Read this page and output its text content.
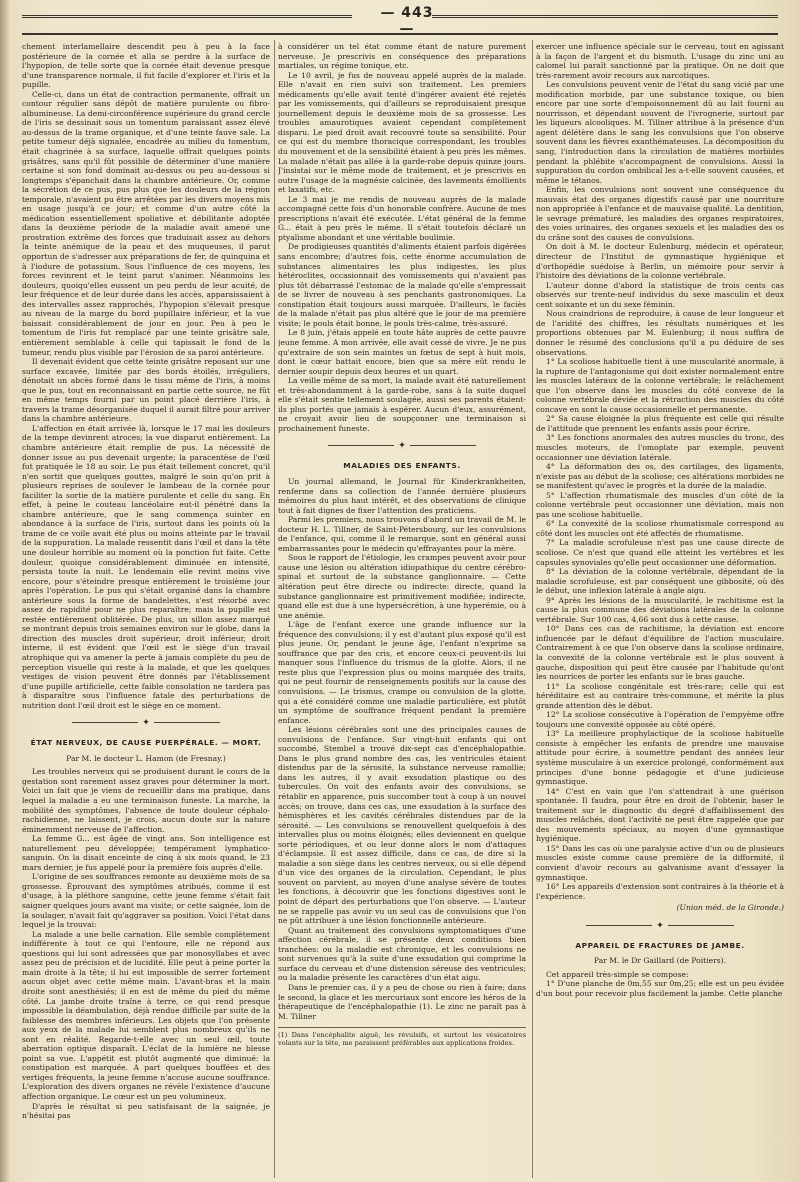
— 443 —

chement interlamellaire descendit peu à peu à la face postérieure de la cornée et alla se perdre à la surface de l'hypopion, de telle sorte que la cornée était devenue presque d'une transparence normale, il fut facile d'explorer et l'iris et la pupille.

Celle-ci, dans un état de contraction permanente, offrait un contour régulier sans dépôt de matière purulente ou fibro-albumineuse. La demi-circonférence supérieure du grand cercle de l'iris se dessinait sous un tomentum paraissant assez élevé au-dessus de la trame organique, et d'une teinte fauve sale. La petite tumeur déjà signalée, encadrée au milieu du tomentum, était chagrinée à sa surface, laquelle offrait quelques points grisâtres, sans qu'il fût possible de déterminer d'une manière certaine si son fond dominait au-dessus ou peu au-dessous si longtemps s'épanchait dans la chambre antérieure. Or, comme la sécrétion de ce pus, pus plus que les douleurs de la région temporale, n'avaient pu être arrêtées par les divers moyens mis en usage jusqu'à ce jour; et comme d'un autre côté la médication essentiellement spoliative et débilitante adoptée dans la deuxième période de la maladie avait amené une prostration extrême des forces que traduisait assez au dehors la teinte anémique de la peau et des muqueuses, il parut opportun de s'adresser aux préparations de fer, de quinquina et à l'iodure de potassium. Sous l'influence de ces moyens, les forces revinrent et le teint parut s'animer. Néanmoins les douleurs, quoiqu'elles eussent un peu perdu de leur acuité, de leur fréquence et de leur durée dans les accès, apparaissaient à des intervalles assez rapprochés, l'hypopion s'élevait presque au niveau de la marge du bord pupillaire inférieur, et la vue baissait considérablement de jour en jour. Peu à peu le tomentum de l'iris fut remplacé par une teinte grisâtre sale, entièrement semblable à celle qui tapissait le fond de la tumeur, rendu plus visible par l'érosion de sa paroi antérieure.

Il devenait évident que cette teinte grisâtre reposant sur une surface excavée, limitée par des bords étoilés, irréguliers, dénotait un abcès formé dans le tissu même de l'iris, à moins que le pus, tout en reconnaissant en partie cette source, ne fût en même temps fourni par un point placé derrière l'iris, à travers la trame désorganisée duquel il aurait filtré pour arriver dans la chambre antérieure.

L'affection en était arrivée là, lorsque le 17 mai les douleurs de la tempe devinrent atroces; la vue disparut entièrement. La chambre antérieure était remplie de pus. La nécessité de donner issue au pus devenait urgente; la paracentèse de l'œil fut pratiquée le 18 au soir. Le pus était tellement concret, qu'il n'en sortit que quelques gouttes, malgré le soin qu'on prit à plusieurs reprises de soulever le lambeau de la cornée pour faciliter la sortie de la matière purulente et celle du sang. En effet, à peine le couteau lancéolaire eut-il pénétré dans la chambre antérieure, que le sang commença suinter en abondance à la surface de l'iris, surtout dans les points où la trame de ce voile avait été plus ou moins atteinte par le travail de la suppuration. La malade ressentit dans l'œil et dans la tête une douleur horrible au moment où la ponction fut faite. Cette douleur, quoique considérablement diminuée en intensité, persista toute la nuit. Le lendemain elle revint moins vive encore, pour s'éteindre presque entièrement le troisième jour après l'opération. Le pus qui s'était organisé dans la chambre antérieure sous la forme de bandelettes, s'est résorbé avec assez de rapidité pour ne plus reparaître; mais la pupille est restée entièrement oblitérée. De plus, un sillon assez marqué se montrant depuis trois semaines environ sur le globe, dans la direction des muscles droit supérieur, droit inférieur, droit interne, il est évident que l'œil est le siège d'un travail atrophique qui va amener la perte à jamais complète du peu de perception visuelle qui reste à la malade, et que les quelques vestiges de vision peuvent être donnés par l'établissement d'une pupille artificielle, cette faible consolation ne tardera pas à disparaître sous l'influence fatale des perturbations de nutrition dont l'œil droit est le siège en ce moment.

✦

ÉTAT NERVEUX, DE CAUSE PUERPÉRALE. — MORT.

Par M. le docteur L. Hamon (de Fresnay.)

Les troubles nerveux qui se produisent durant le cours de la gestation sont rarement assez graves pour déterminer la mort. Voici un fait que je viens de recueillir dans ma pratique, dans lequel la maladie a eu une terminaison funeste. La marche, la mobilité des symptômes, l'absence de toute douleur céphalo-rachidienne, ne laissent, je crois, aucun doute sur la nature éminemment nerveuse de l'affection.

La femme G... est âgée de vingt ans. Son intelligence est naturellement peu développée; tempérament lymphatico-sanguin. On la disait enceinte de cinq à six mois quand, le 23 mars dernier, je fus appelé pour la première fois auprès d'elle.

L'origine de ses souffrances remonte au deuxième mois de sa grossesse. Éprouvant des symptômes atribués, comme il est d'usage, à la pléthore sanguine, cette jeune femme s'était fait saigner quelques jours avant ma visite; or cette saignée, loin de la soulager, n'avait fait qu'aggraver sa position. Voici l'état dans lequel je la trouvai:

La malade a une belle carnation. Elle semble complètement indifférente à tout ce qui l'entoure, elle ne répond aux questions qui lui sont adressées que par monosyllabes et avec assez peu de précision et de lucidité. Elle peut à peine porter la main droite à la tête; il lui est impossible de serrer fortement aucun objet avec cette même main. L'avant-bras et la main droite sont anesthésiés; il en est de même du pied du même côté. La jambe droite traîne à terre, ce qui rend presque impossible la déambulation, déjà rendue difficile par suite de la faiblesse des membres inférieurs. Les objets que l'on présente aux yeux de la malade lui semblent plus nombreux qu'ils ne sont en réalité. Regarde-t-elle avec un seul œil, toute aberration optique disparaît. L'éclat de la lumière ne blesse point sa vue. L'appétit est plutôt augmenté que diminué: la constipation est marquée. A part quelques bouffées et des vertiges fréquents, la jeune femme n'accuse aucune souffrance. L'exploration des divers organes ne révèle l'existence d'aucune affection organique. Le cœur est un peu volumineux.

D'après le résultat si peu satisfaisant de la saignée, je n'hésitai pas

à considérer un tel état comme étant de nature purement nerveuse. Je prescrivis en conséquence des préparations martiales, un régime tonique, etc.

Le 10 avril, je fus de nouveau appelé auprès de la malade. Elle n'avait en rien suivi son traitement. Les premiers médicaments qu'elle avait tenté d'ingérer avaient été rejetés par les vomissements, qui d'ailleurs se reproduisaient presque journellement depuis le deuxième mois de sa grossesse. Les troubles amaurotiques avaient cependant complètement disparu. Le pied droit avait recouvré toute sa sensibilité. Pour ce qui est du membre thoracique correspondant, les troubles du mouvement et de la sensibilité étaient à peu près les mêmes. La malade n'était pas allée à la garde-robe depuis quinze jours. J'insistai sur le même mode de traitement, et je prescrivis en outre l'usage de la magnésie calcinée, des lavements émollients et laxatifs, etc.

Le 3 mai je me rendis de nouveau auprès de la malade accompagné cette fois d'un honorable confrère. Aucune de mes prescriptions n'avait été exécutée. L'état général de la femme G... était à peu près le même. Il s'était toutefois déclaré un ptyalisme abondant et une véritable boulimie.

De prodigieuses quantités d'aliments étaient parfois digérées sans encombre; d'autres fois, cette énorme accumulation de substances alimentaires les plus indigestes, les plus hétéroclites, occasionnait des vomissements qui n'avaient pas plus tôt débarrassé l'estomac de la malade qu'elle s'empressait de se livrer de nouveau à ses penchants gastronomiques. La constipation était toujours aussi marquée. D'ailleurs, le faciès de la malade n'était pas plus altéré que le jour de ma première visite; le pouls était bonne, le pouls très-calme, très-assuré.

Le 8 juin, j'étais appelé en toute hâte auprès de cette pauvre jeune femme. A mon arrivée, elle avait cessé de vivre. Je ne pus qu'extraire de son sein maintes un fœtus de sept à huit mois, dont le cœur battait encore, bien que sa mère eût rendu le dernier soupir depuis deux heures et un quart.

La veille même de sa mort, la malade avait été naturellement et très-abondamment à la garde-robe, sans à la suite duquel elle s'était sentie tellement soulagée, aussi ses parents étaient-ils plus portés que jamais à espérer. Aucun d'eux, assurément, ne croyait avoir lieu de soupçonner une terminaison si prochainement funeste.

✦

MALADIES DES ENFANTS.

Un journal allemand, le Journal für Kinderkrankheiten, renferme dans sa collection de l'année dernière plusieurs mémoires du plus haut intérêt, et des observations de clinique tout à fait dignes de fixer l'attention des praticiens.

Parmi les premiers, nous trouvons d'abord un travail de M. le docteur H. L. Tillner, de Saint-Pétersbourg, sur les convulsions de l'enfance, qui, comme il le remarque, sont en général aussi embarrassantes pour le médecin qu'effrayantes pour la mère.

Sous le rapport de l'étiologie, les crampes peuvent avoir pour cause une lésion ou altération idiopathique du centre cérébro-spinal et surtout de la substance ganglionnaire. — Cette altération peut être directe ou indirecte: directe, quand la substance ganglionnaire est primitivement modifiée; indirecte, quand elle est due à une hypersécrétion, à une hyperémie, ou à une anémie.

L'âge de l'enfant exerce une grande influence sur la fréquence des convulsions; il y est d'autant plus exposé qu'il est plus jeune. Or, pendant le jeune âge, l'enfant n'exprime sa souffrance que par des cris, et encore ceux-ci peuvent-ils lui manquer sous l'influence du trismus de la glotte. Alors, il ne reste plus que l'expression plus ou moins marquée des traits, qui ne peut fournir de renseignements positifs sur la cause des convulsions. — Le trismus, crampe ou convulsion de la glotte, qui a été considéré comme une maladie particulière, est plutôt un symptôme de souffrance fréquent pendant la première enfance.

Les lésions cérébrales sont une des principales causes de convulsions de l'enfance. Sur vingt-huit enfants qui ont succombé, Stembel a trouvé dix-sept cas d'encéphalopathie. Dans le plus grand nombre des cas, les ventricules étaient distendus par de la sérosité, la substance nerveuse ramollie; dans les autres, il y avait exsudation plastique ou des tubercules. On voit des enfants avoir des convulsions, se rétablir en apparence, puis succomber tout à coup à un nouvel accès; on trouve, dans ces cas, une exsudation à la surface des hémisphères et les cavités cérébrales distendues par de la sérosité. — Les convulsions se renouvellent quelquefois à des intervalles plus ou moins éloignés; elles deviennent en quelque sorte périodiques, et ou leur donne alors le nom d'attaques d'éclampsie. Il est assez difficile, dans ce cas, de dire si la maladie a son siège dans les centres nerveux, ou si elle dépend d'un vice des organes de la circulation. Cependant, le plus souvent on parvient, au moyen d'une analyse sévère de toutes les fonctions, à découvrir que les fonctions digestives sont le point de départ des perturbations que l'on observe. — L'auteur ne se rappelle pas avoir vu un seul cas de convulsions que l'on ne pût attribuer à une lésion fonctionnelle antérieure.

Quant au traitement des convulsions symptomatiques d'une affection cérébrale, il se présente deux conditions bien tranchées: ou la maladie est chronique, et les convulsions ne sont survenues qu'à la suite d'une exsudation qui comprime la surface du cerveau et d'une distension séreuse des ventricules; ou la maladie présente les caractères d'un état aigu.

Dans le premier cas, il y a peu de chose ou rien à faire; dans le second, la glace et les mercuriaux sont encore les héros de la thérapeutique de l'encéphalopathie (1). Le zinc ne paraît pas à M. Tillner

(1) Dans l'encéphalite aiguë, les révulsifs, et surtout les vésicatoires volants sur la tête, me paraissent préférables aux applications froides.

exercer une influence spéciale sur le cerveau, tout en agissant à la façon de l'argent et du bismuth. L'usage du zinc uni au calomel lui paraît sanctionné par la pratique. On ne doit que très-rarement avoir recours aux narcotiques.

Les convulsions peuvent venir de l'état du sang vicié par une modification morbide, par une substance toxique, ou bien encore par une sorte d'empoisonnement dû au lait fourni au nourrisson, et dépendant souvent de l'ivrognerie, surtout par les liqueurs alcooliques. M. Tillner attribue à la présence d'un agent délétère dans le sang les convulsions que l'on observe souvent dans les fièvres exanthémateuses. La décomposition du sang, l'introduction dans la circulation de matières morbides pendant la phlébite s'accompagnent de convulsions. Aussi la suppuration du cordon ombilical les a-t-elle souvent causées, et même le tétanos.

Enfin, les convulsions sont souvent une conséquence du mauvais état des organes digestifs causé par une nourriture non appropriée à l'enfance et de mauvaise qualité. La dentition, le sevrage prématuré, les maladies des organes respiratoires, des voies urinaires, des organes sexuels et les maladies des os du crâne sont des causes de convulsions.

On doit à M. le docteur Eulenburg, médecin et opérateur, directeur de l'Institut de gymnastique hygiénique et d'orthopédie suédoise à Berlin, un mémoire pour servir à l'histoire des déviations de la colonne vertébrale.

L'auteur donne d'abord la statistique de trois cents cas observés sur trente-neuf individus du sexe masculin et deux cent soixante et un du sexe féminin.

Nous craindrions de reproduire, à cause de leur longueur et de l'aridité des chiffres, les résultats numériques et les proportions obtenues par M. Eulenburg; il nous suffira de donner le résumé des conclusions qu'il a pu déduire de ses observations.

1° La scoliose habituelle tient à une muscularité anormale, à la rupture de l'antagonisme qui doit exister normalement entre les muscles latéraux de la colonne vertébrale; le relâchement que l'on observe dans les muscles du côté convexe de la colonne vertébrale déviée et la rétraction des muscles du côté concave en sont la cause occasionnelle et permanente.

2° Sa cause éloignée la plus fréquente est celle qui résulte de l'attitude que prennent les enfants assis pour écrire.

3° Les fonctions anormales des autres muscles du tronc, des muscles moteurs, de l'omoplate par exemple, peuvent occasionner une déviation latérale.

4° La déformation des os, des cartilages, des ligaments, n'existe pas au début de la scoliose; ces altérations morbides ne se manifestent qu'avec le progrès et la durée de la maladie.

5° L'affection rhumatismale des muscles d'un côté de la colonne vertébrale peut occasionner une déviation, mais non pas une scoliose habituelle.

6° La convexité de la scoliose rhumatismale correspond au côté dont les muscles ont été affectés de rhumatisme.

7° La maladie scrofuleuse n'est pas une cause directe de scoliose. Ce n'est que quand elle atteint les vertèbres et les capsules synoviales qu'elle peut occasionner une déformation.

8° La déviation de la colonne vertébrale, dépendant de la maladie scrofuleuse, est par conséquent une gibbosité, où dès le début, une inflexion latérale à angle aigu.

9° Après les lésions de la muscularité, le rachitisme est la cause la plus commune des déviations latérales de la colonne vertébrale. Sur 100 cas, 4,66 sont dus à cette cause.

10° Dans ces cas de rachitisme, la déviation est encore influencée par le défaut d'équilibre de l'action musculaire. Contrairement à ce que l'on observe dans la scoliose ordinaire, la convexité de la colonne vertébrale est le plus souvent à gauche, disposition qui peut être causée par l'habitude qu'ont les nourrices de porter les enfants sur le bras gauche.

11° La scoliose congénitale est très-rare; celle qui est héréditaire est au contraire très-commune, et mérite la plus grande attention dès le début.

12° La scoliose consécutive à l'opération de l'empyème offre toujours une convexité opposée au côté opéré.

13° La meilleure prophylactique de la scoliose habituelle consiste à empêcher les enfants de prendre une mauvaise attitude pour écrire, à soumettre pendant des années leur système musculaire à un exercice prolongé, conformément aux principes d'une bonne pédagogie et d'une judicieuse gymnastique.

14° C'est en vain que l'on s'attendrait à une guérison spontanée. Il faudra, pour être en droit de l'obtenir, baser le traitement sur le diagnostic du degré d'affaiblissement des muscles relâchés, dont l'activité ne peut être rappelée que par des mouvements spéciaux, au moyen d'une gymnastique hygiénique.

15° Dans les cas où une paralysie active d'un ou de plusieurs muscles existe comme cause première de la difformité, il convient d'avoir recours au galvanisme avant d'essayer la gymnastique.

16° Les appareils d'extension sont contraires à la théorie et à l'expérience.

(Union méd. de la Gironde.)

✦

APPAREIL DE FRACTURES DE JAMBE.

Par M. le Dr Gaillard (de Poitiers).

Cet appareil très-simple se compose:

1° D'une planche de 0m,55 sur 0m,25; elle est un peu évidée d'un bout pour recevoir plus facilement la jambe. Cette planche
